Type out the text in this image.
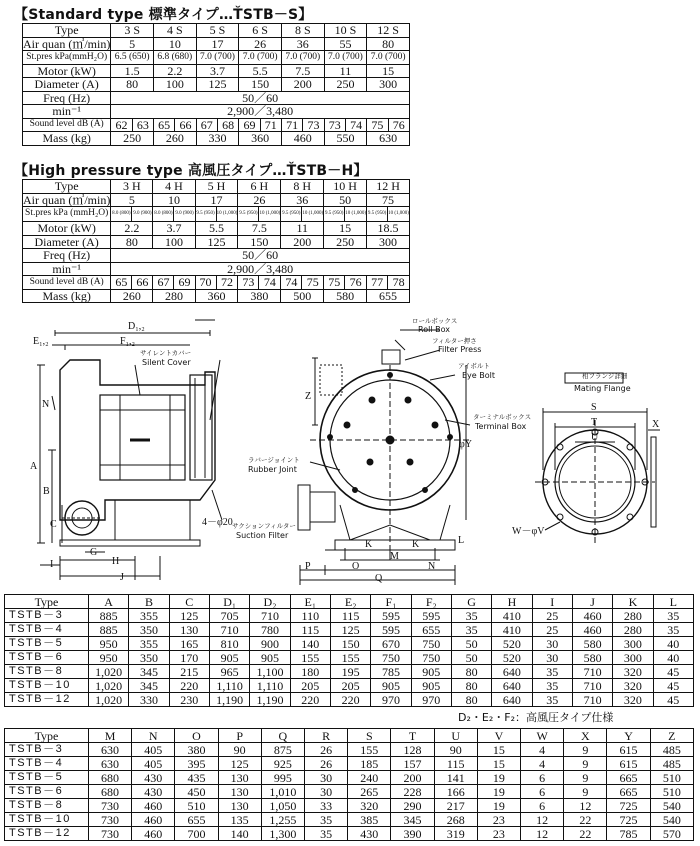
【Standard type 標準タイプ…ŤSTB－S】
Type	3 S		4 S		5 S		6 S		8 S		10 S		12 S	
Air quan (㎥/min)	5		10		17		26		36		55		80	
St.pres kPa(mmH₂O)	6.5 (650)		6.8 (680)		7.0 (700)		7.0 (700)		7.0 (700)		7.0 (700)		7.0 (700)	
Motor (kW)	1.5		2.2		3.7		5.5		7.5		11		15	
Diameter (A)	80		100		125		150		200		250		300	
Freq (Hz)	50／60													
min⁻¹	2,900／3,480													
Sound level dB (A)	62	63	65	66	67	68	69	71	71	73	73	74	75	76
Mass (kg)	250		260		330		360		460		550		630	
【High pressure type 高風圧タイプ…ŤSTB－H】
Type	3 H		4 H		5 H		6 H		8 H		10 H		12 H	
Air quan (㎥/min)	5		10		17		26		36		50		75	
St.pres kPa (mmH₂O)	8.0 (800)	9.0 (900)	8.0 (800)	9.0 (900)	9.5 (950)	10 (1,000)	9.5 (950)	10 (1,000)	9.5 (950)	10 (1,000)	9.5 (950)	10 (1,000)	9.5 (950)	10 (1,000)
Motor (kW)	2.2		3.7		5.5		7.5		11		15		18.5	
Diameter (A)	80		100		125		150		200		250		300	
Freq (Hz)	50／60													
min⁻¹	2,900／3,480													
Sound level dB (A)	65	66	67	69	70	72	73	74	74	75	75	76	77	78
Mass (kg)	260		280		360		380		500		580		655	
ロールボックス
Roll Box
フィルター押さ
Filter Press
アイボルト
Eye Bolt
ターミナルボックス
Terminal Box
サイレントカバー
Silent Cover
ラバージョイント
Rubber Joint
サクションフィルター
Suction Filter
4－φ20
相フランジ詳細
Mating Flange
W－φV
D₁,₂
E₁,₂	F₁,₂
A
B
C
N
G
H
I
J
Z
φY
K	K	L
M
O	N
P
Q
S
T
U
X
Type	A	B	C	D₁	D₂	E₁	E₂	F₁	F₂	G	H	I	J	K	L
TSTB－3	885	355	125	705	710	110	115	595	595	35	410	25	460	280	35
TSTB－4	885	350	130	710	780	115	125	595	655	35	410	25	460	280	35
TSTB－5	950	355	165	810	900	140	150	670	750	50	520	30	580	300	40
TSTB－6	950	350	170	905	905	155	155	750	750	50	520	30	580	300	40
TSTB－8	1,020	345	215	965	1,100	180	195	785	905	80	640	35	710	320	45
TSTB－10	1,020	345	220	1,110	1,110	205	205	905	905	80	640	35	710	320	45
TSTB－12	1,020	330	230	1,190	1,190	220	220	970	970	80	640	35	710	320	45
D₂・E₂・F₂：高風圧タイプ仕様
Type	M	N	O	P	Q	R	S	T	U	V	W	X	Y	Z
TSTB－3	630	405	380	90	875	26	155	128	90	15	4	9	615	485
TSTB－4	630	405	395	125	925	26	185	157	115	15	4	9	615	485
TSTB－5	680	430	435	130	995	30	240	200	141	19	6	9	665	510
TSTB－6	680	430	450	130	1,010	30	265	228	166	19	6	9	665	510
TSTB－8	730	460	510	130	1,050	33	320	290	217	19	6	12	725	540
TSTB－10	730	460	655	135	1,255	35	385	345	268	23	12	22	725	540
TSTB－12	730	460	700	140	1,300	35	430	390	319	23	12	22	785	570
